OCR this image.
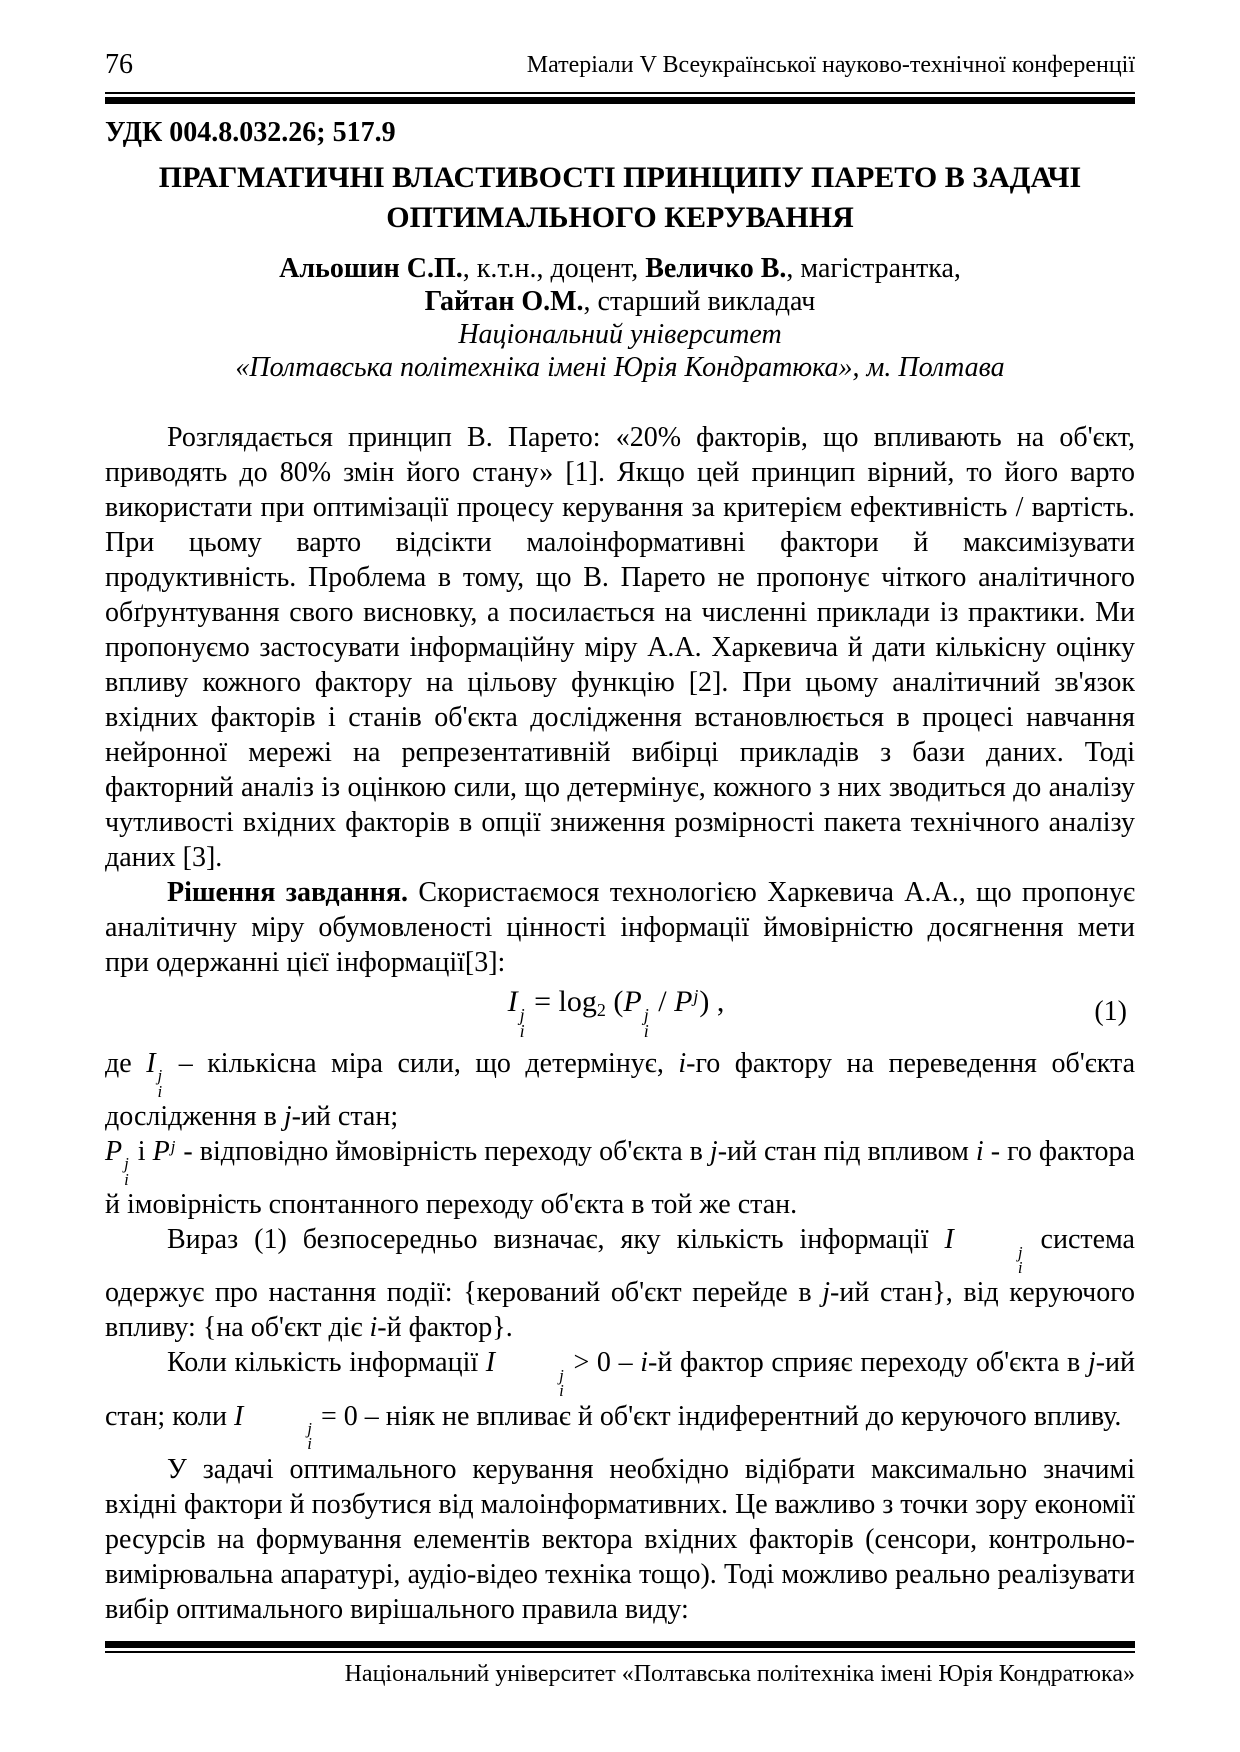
76	Матеріали V Всеукраїнської науково-технічної конференції
УДК 004.8.032.26; 517.9
ПРАГМАТИЧНІ ВЛАСТИВОСТІ ПРИНЦИПУ ПАРЕТО В ЗАДАЧІ
ОПТИМАЛЬНОГО КЕРУВАННЯ
Альошин С.П., к.т.н., доцент, Величко В., магістрантка,
Гайтан О.М., старший викладач
Національний університет
«Полтавська політехніка імені Юрія Кондратюка», м. Полтава
Розглядається принцип В. Парето: «20% факторів, що впливають на об'єкт, приводять до 80% змін його стану» [1]. Якщо цей принцип вірний, то його варто використати при оптимізації процесу керування за критерієм ефективність / вартість. При цьому варто відсікти малоінформативні фактори й максимізувати продуктивність. Проблема в тому, що В. Парето не пропонує чіткого аналітичного обґрунтування свого висновку, а посилається на численні приклади із практики. Ми пропонуємо застосувати інформаційну міру А.А. Харкевича й дати кількісну оцінку впливу кожного фактору на цільову функцію [2]. При цьому аналітичний зв'язок вхідних факторів і станів об'єкта дослідження встановлюється в процесі навчання нейронної мережі на репрезентативній вибірці прикладів з бази даних. Тоді факторний аналіз із оцінкою сили, що детермінує, кожного з них зводиться до аналізу чутливості вхідних факторів в опції зниження розмірності пакета технічного аналізу даних [3].
Рішення завдання. Скористаємося технологією Харкевича А.А., що пропонує аналітичну міру обумовленості цінності інформації ймовірністю досягнення мети при одержанні цієї інформації[3]:
I j
i
= log2 (P j
i
/ $P^j$) ,	(1)
де I j
i
– кількісна міра сили, що детермінує, i-го фактору на переведення об'єкта дослідження в j-ий стан;
P j
i
і $P^j$ - відповідно ймовірність переходу об'єкта в j-ий стан під впливом i - го фактора й імовірність спонтанного переходу об'єкта в той же стан.
Вираз (1) безпосередньо визначає, яку кількість інформації I	j
i
система одержує про настання події: {керований об'єкт перейде в j-ий стан}, від керуючого впливу: {на об'єкт діє i-й фактор}.
Коли кількість інформації I	j
i
> 0 – i-й фактор сприяє переходу об'єкта в j-ий стан; коли I	j
i
= 0 – ніяк не впливає й об'єкт індиферентний до керуючого впливу.
У задачі оптимального керування необхідно відібрати максимально значимі вхідні фактори й позбутися від малоінформативних. Це важливо з точки зору економії ресурсів на формування елементів вектора вхідних факторів (сенсори, контрольно-вимірювальна апаратурі, аудіо-відео техніка тощо). Тоді можливо реально реалізувати вибір оптимального вирішального правила виду:
Національний університет «Полтавська політехніка імені Юрія Кондратюка»
